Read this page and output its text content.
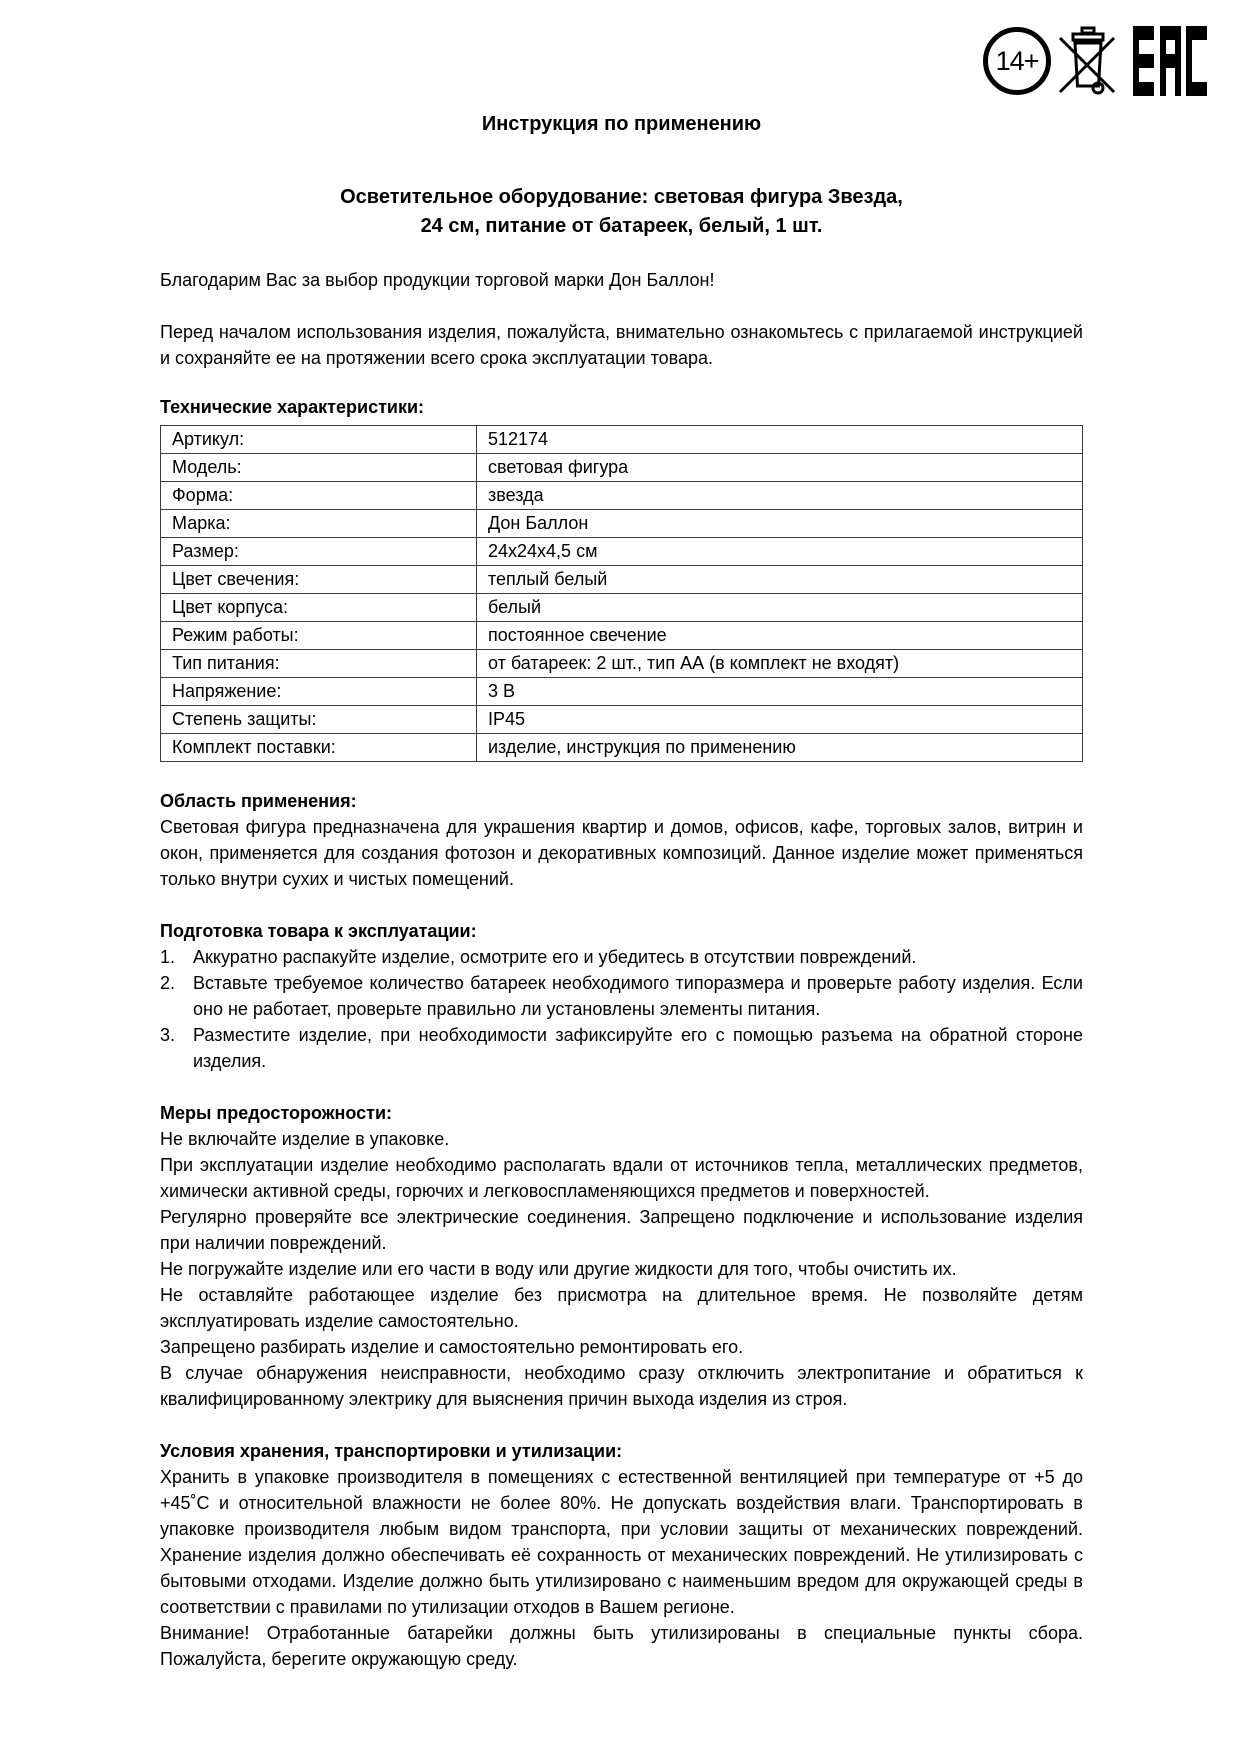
14+
Инструкция по применению
Осветительное оборудование: световая фигура Звезда,
24 см, питание от батареек, белый, 1 шт.

Благодарим Вас за выбор продукции торговой марки Дон Баллон!

Перед началом использования изделия, пожалуйста, внимательно ознакомьтесь с прилагаемой инструкцией и сохраняйте ее на протяжении всего срока эксплуатации товара.

Технические характеристики:
Артикул:	512174
Модель:	световая фигура
Форма:	звезда
Марка:	Дон Баллон
Размер:	24х24х4,5 см
Цвет свечения:	теплый белый
Цвет корпуса:	белый
Режим работы:	постоянное свечение
Тип питания:	от батареек: 2 шт., тип АА (в комплект не входят)
Напряжение:	3 В
Степень защиты:	IP45
Комплект поставки:	изделие, инструкция по применению
Область применения:

Световая фигура предназначена для украшения квартир и домов, офисов, кафе, торговых залов, витрин и окон, применяется для создания фотозон и декоративных композиций. Данное изделие может применяться только внутри сухих и чистых помещений.

Подготовка товара к эксплуатации:
1. Аккуратно распакуйте изделие, осмотрите его и убедитесь в отсутствии повреждений.
2. Вставьте требуемое количество батареек необходимого типоразмера и проверьте работу изделия. Если оно не работает, проверьте правильно ли установлены элементы питания.
3. Разместите изделие, при необходимости зафиксируйте его с помощью разъема на обратной стороне изделия.
Меры предосторожности:

Не включайте изделие в упаковке.

При эксплуатации изделие необходимо располагать вдали от источников тепла, металлических предметов, химически активной среды, горючих и легковоспламеняющихся предметов и поверхностей.

Регулярно проверяйте все электрические соединения. Запрещено подключение и использование изделия при наличии повреждений.

Не погружайте изделие или его части в воду или другие жидкости для того, чтобы очистить их.

Не оставляйте работающее изделие без присмотра на длительное время. Не позволяйте детям эксплуатировать изделие самостоятельно.

Запрещено разбирать изделие и самостоятельно ремонтировать его.

В случае обнаружения неисправности, необходимо сразу отключить электропитание и обратиться к квалифицированному электрику для выяснения причин выхода изделия из строя.

Условия хранения, транспортировки и утилизации:

Хранить в упаковке производителя в помещениях с естественной вентиляцией при температуре от +5 до +45˚С и относительной влажности не более 80%. Не допускать воздействия влаги. Транспортировать в упаковке производителя любым видом транспорта, при условии защиты от механических повреждений. Хранение изделия должно обеспечивать её сохранность от механических повреждений. Не утилизировать с бытовыми отходами. Изделие должно быть утилизировано с наименьшим вредом для окружающей среды в соответствии с правилами по утилизации отходов в Вашем регионе.

Внимание! Отработанные батарейки должны быть утилизированы в специальные пункты сбора. Пожалуйста, берегите окружающую среду.
